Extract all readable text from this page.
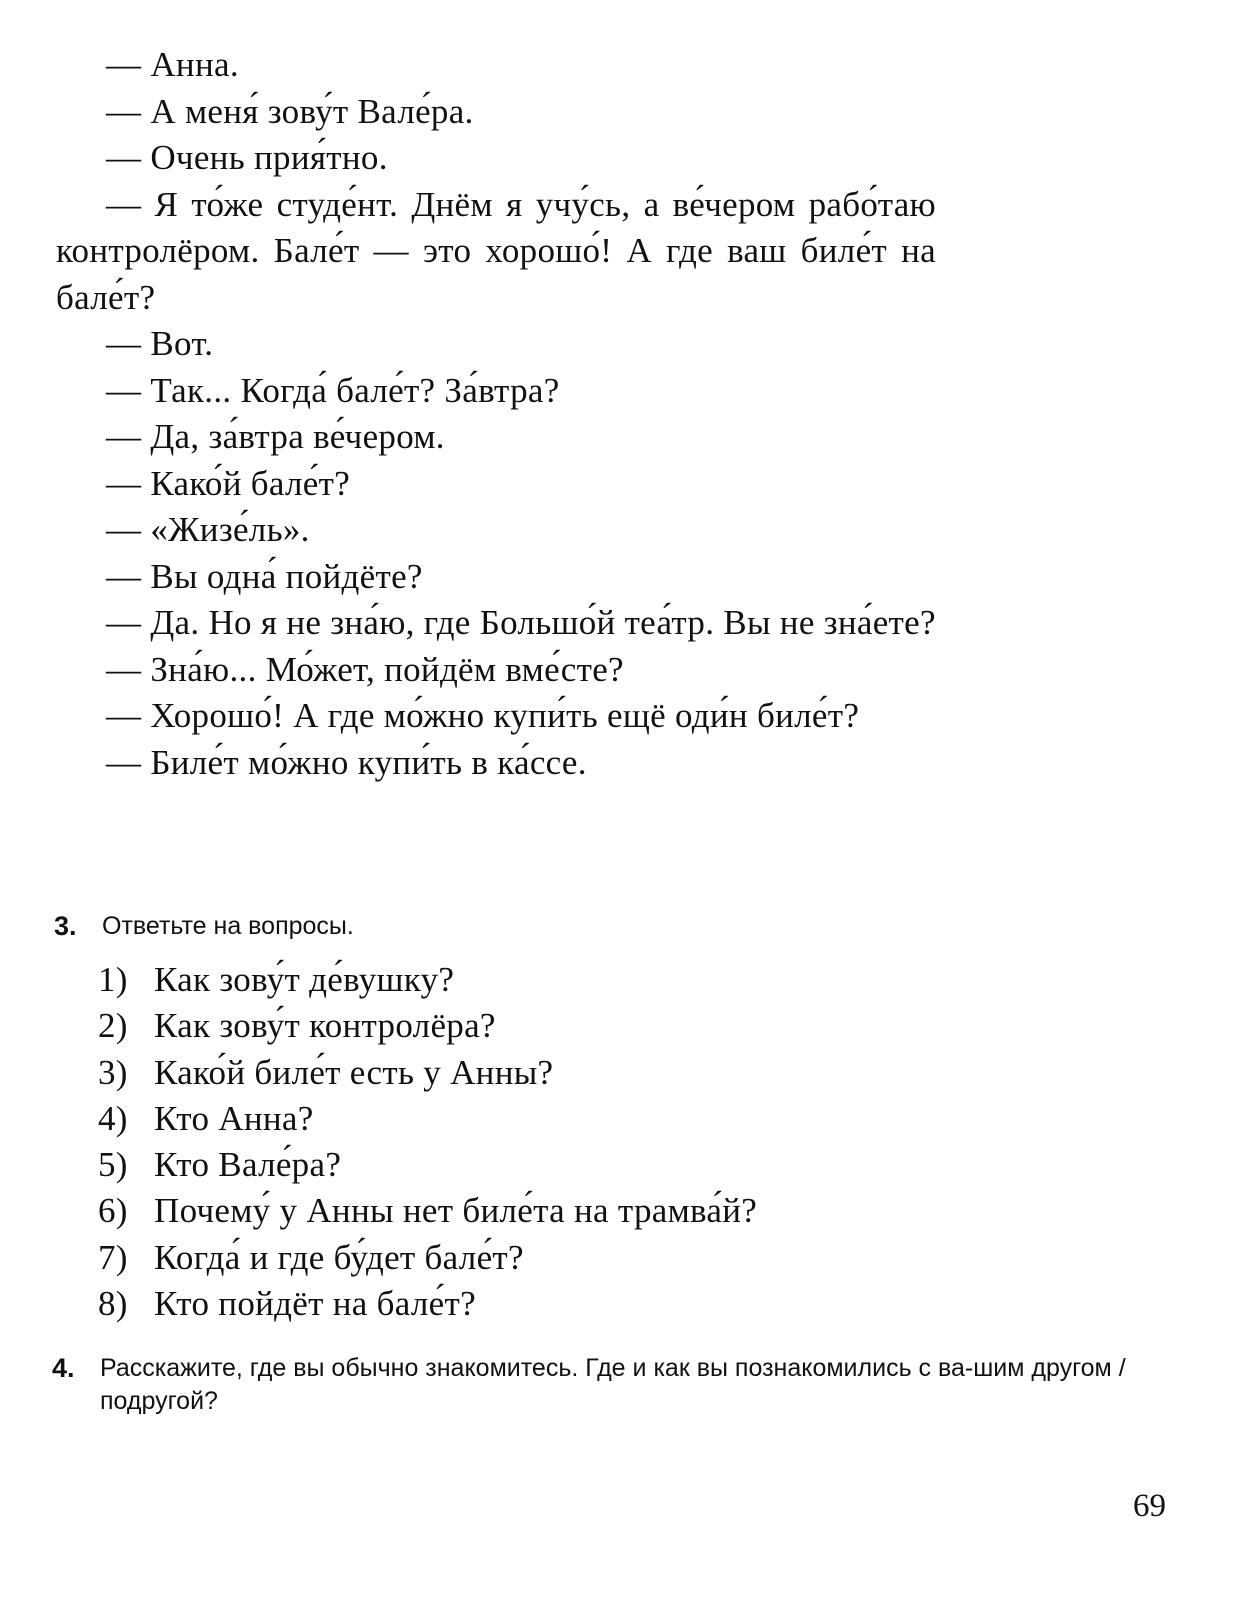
— Анна.

— А меня́ зову́т Вале́ра.

— Очень прия́тно.

— Я то́же студе́нт. Днём я учу́сь, а ве́чером рабо́таю контролёром. Бале́т — это хорошо́! А где ваш биле́т на бале́т?

— Вот.

— Так... Когда́ бале́т? За́втра?

— Да, за́втра ве́чером.

— Како́й бале́т?

— «Жизе́ль».

— Вы одна́ пойдёте?

— Да. Но я не зна́ю, где Большо́й теа́тр. Вы не зна́ете?

— Зна́ю... Мо́жет, пойдём вме́сте?

— Хорошо́! А где мо́жно купи́ть ещё оди́н биле́т?

— Биле́т мо́жно купи́ть в ка́ссе.

3. Ответьте на вопросы.
1) Как зову́т де́вушку?
2) Как зову́т контролёра?
3) Како́й биле́т есть у Анны?
4) Кто Анна?
5) Кто Вале́ра?
6) Почему́ у Анны нет биле́та на трамва́й?
7) Когда́ и где бу́дет бале́т?
8) Кто пойдёт на бале́т?
4. Расскажите, где вы обычно знакомитесь. Где и как вы познакомились с ва-шим другом /подругой?
69
